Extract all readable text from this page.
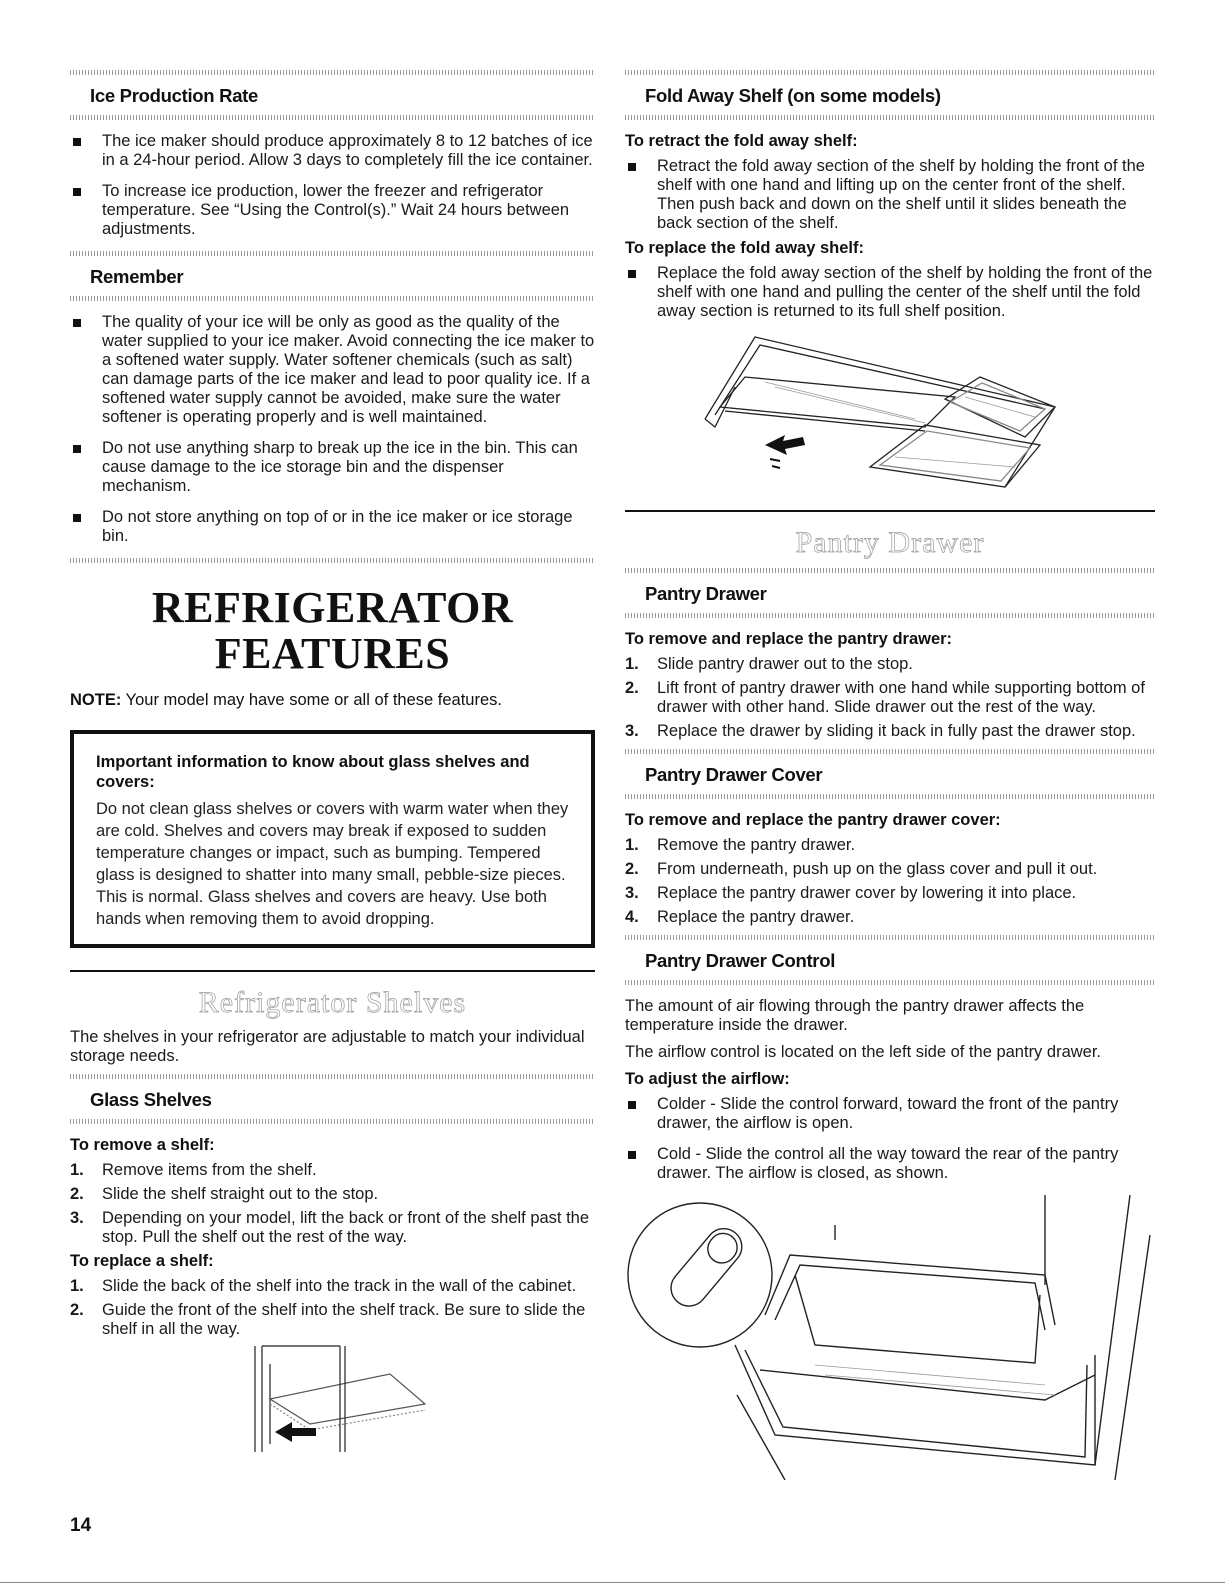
Ice Production Rate
The ice maker should produce approximately 8 to 12 batches of ice in a 24-hour period. Allow 3 days to completely fill the ice container.
To increase ice production, lower the freezer and refrigerator temperature. See “Using the Control(s).” Wait 24 hours between adjustments.
Remember
The quality of your ice will be only as good as the quality of the water supplied to your ice maker. Avoid connecting the ice maker to a softened water supply. Water softener chemicals (such as salt) can damage parts of the ice maker and lead to poor quality ice. If a softened water supply cannot be avoided, make sure the water softener is operating properly and is well maintained.
Do not use anything sharp to break up the ice in the bin. This can cause damage to the ice storage bin and the dispenser mechanism.
Do not store anything on top of or in the ice maker or ice storage bin.
REFRIGERATOR
FEATURES
NOTE: Your model may have some or all of these features.
Important information to know about glass shelves and covers:
Do not clean glass shelves or covers with warm water when they are cold. Shelves and covers may break if exposed to sudden temperature changes or impact, such as bumping. Tempered glass is designed to shatter into many small, pebble-size pieces. This is normal. Glass shelves and covers are heavy. Use both hands when removing them to avoid dropping.
Refrigerator Shelves
The shelves in your refrigerator are adjustable to match your individual storage needs.
Glass Shelves
To remove a shelf:
1. Remove items from the shelf.
2. Slide the shelf straight out to the stop.
3. Depending on your model, lift the back or front of the shelf past the stop. Pull the shelf out the rest of the way.
To replace a shelf:
1. Slide the back of the shelf into the track in the wall of the cabinet.
2. Guide the front of the shelf into the shelf track. Be sure to slide the shelf in all the way.
Fold Away Shelf (on some models)
To retract the fold away shelf:
Retract the fold away section of the shelf by holding the front of the shelf with one hand and lifting up on the center front of the shelf. Then push back and down on the shelf until it slides beneath the back section of the shelf.
To replace the fold away shelf:
Replace the fold away section of the shelf by holding the front of the shelf with one hand and pulling the center of the shelf until the fold away section is returned to its full shelf position.
Pantry Drawer
Pantry Drawer
To remove and replace the pantry drawer:
1. Slide pantry drawer out to the stop.
2. Lift front of pantry drawer with one hand while supporting bottom of drawer with other hand. Slide drawer out the rest of the way.
3. Replace the drawer by sliding it back in fully past the drawer stop.
Pantry Drawer Cover
To remove and replace the pantry drawer cover:
1. Remove the pantry drawer.
2. From underneath, push up on the glass cover and pull it out.
3. Replace the pantry drawer cover by lowering it into place.
4. Replace the pantry drawer.
Pantry Drawer Control
The amount of air flowing through the pantry drawer affects the temperature inside the drawer.
The airflow control is located on the left side of the pantry drawer.
To adjust the airflow:
Colder - Slide the control forward, toward the front of the pantry drawer, the airflow is open.
Cold - Slide the control all the way toward the rear of the pantry drawer. The airflow is closed, as shown.
14
